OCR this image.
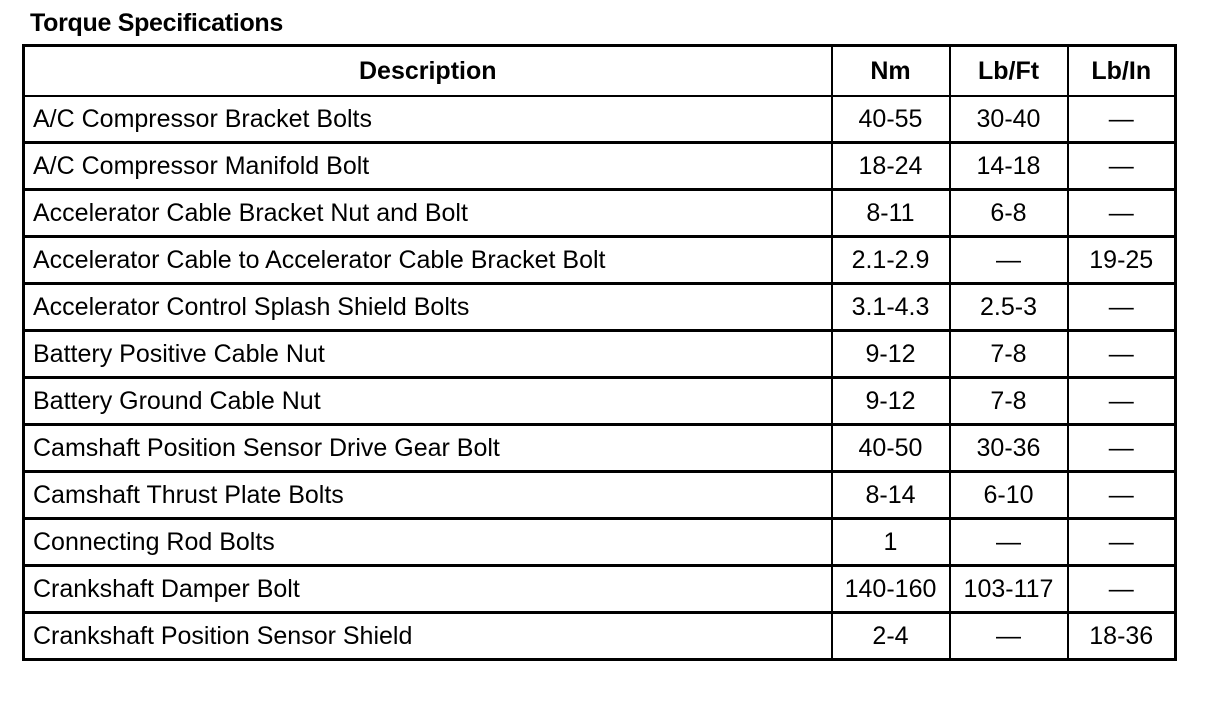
Torque Specifications
Description	Nm	Lb/Ft	Lb/In
A/C Compressor Bracket Bolts	40-55	30-40	—
A/C Compressor Manifold Bolt	18-24	14-18	—
Accelerator Cable Bracket Nut and Bolt	8-11	6-8	—
Accelerator Cable to Accelerator Cable Bracket Bolt	2.1-2.9	—	19-25
Accelerator Control Splash Shield Bolts	3.1-4.3	2.5-3	—
Battery Positive Cable Nut	9-12	7-8	—
Battery Ground Cable Nut	9-12	7-8	—
Camshaft Position Sensor Drive Gear Bolt	40-50	30-36	—
Camshaft Thrust Plate Bolts	8-14	6-10	—
Connecting Rod Bolts	1	—	—
Crankshaft Damper Bolt	140-160	103-117	—
Crankshaft Position Sensor Shield	2-4	—	18-36
